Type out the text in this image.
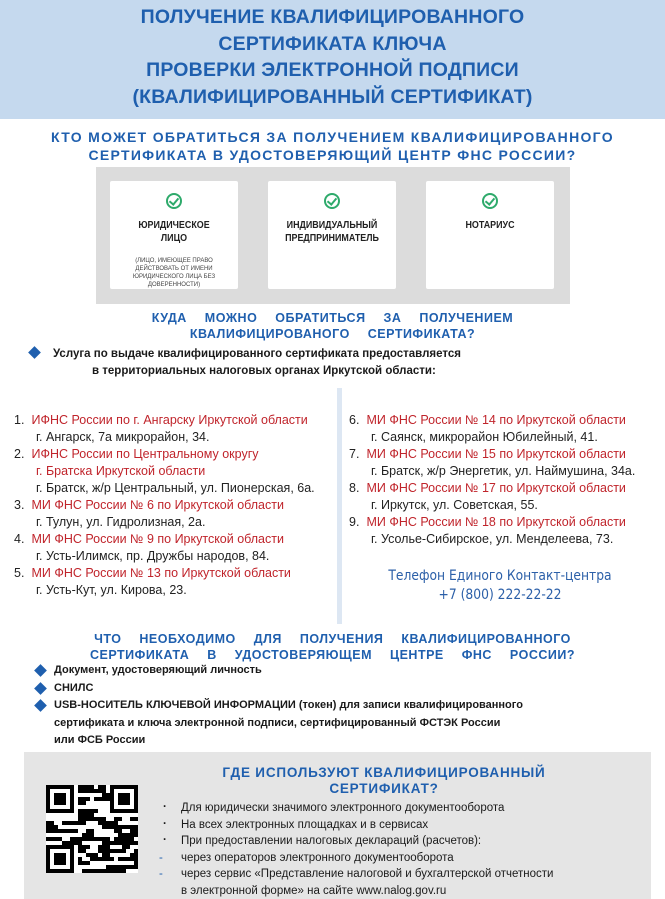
ПОЛУЧЕНИЕ КВАЛИФИЦИРОВАННОГО
СЕРТИФИКАТА КЛЮЧА
ПРОВЕРКИ ЭЛЕКТРОННОЙ ПОДПИСИ
(КВАЛИФИЦИРОВАННЫЙ СЕРТИФИКАТ)
КТО МОЖЕТ ОБРАТИТЬСЯ ЗА ПОЛУЧЕНИЕМ КВАЛИФИЦИРОВАННОГО
СЕРТИФИКАТА В УДОСТОВЕРЯЮЩИЙ ЦЕНТР ФНС РОССИИ?
ЮРИДИЧЕСКОЕ
ЛИЦО
(ЛИЦО, ИМЕЮЩЕЕ ПРАВО ДЕЙСТВОВАТЬ ОТ ИМЕНИ ЮРИДИЧЕСКОГО ЛИЦА БЕЗ ДОВЕРЕННОСТИ)
ИНДИВИДУАЛЬНЫЙ
ПРЕДПРИНИМАТЕЛЬ
НОТАРИУС
КУДА МОЖНО ОБРАТИТЬСЯ ЗА ПОЛУЧЕНИЕМ
КВАЛИФИЦИРОВАНОГО СЕРТИФИКАТА?
Услуга по выдаче квалифицированного сертификата предоставляется
в территориальных налоговых органах Иркутской области:
1. ИФНС России по г. Ангарску Иркутской области
г. Ангарск, 7а микрорайон, 34.
2. ИФНС России по Центральному округу
г. Братска Иркутской области
г. Братск, ж/р Центральный, ул. Пионерская, 6а.
3. МИ ФНС России № 6 по Иркутской области
г. Тулун, ул. Гидролизная, 2а.
4. МИ ФНС России № 9 по Иркутской области
г. Усть-Илимск, пр. Дружбы народов, 84.
5. МИ ФНС России № 13 по Иркутской области
г. Усть-Кут, ул. Кирова, 23.
6. МИ ФНС России № 14 по Иркутской области
г. Саянск, микрорайон Юбилейный, 41.
7. МИ ФНС России № 15 по Иркутской области
г. Братск, ж/р Энергетик, ул. Наймушина, 34а.
8. МИ ФНС России № 17 по Иркутской области
г. Иркутск, ул. Советская, 55.
9. МИ ФНС России № 18 по Иркутской области
г. Усолье-Сибирское, ул. Менделеева, 73.
Телефон Единого Контакт-центра
+7 (800) 222-22-22
ЧТО НЕОБХОДИМО ДЛЯ ПОЛУЧЕНИЯ КВАЛИФИЦИРОВАННОГО
СЕРТИФИКАТА В УДОСТОВЕРЯЮЩЕМ ЦЕНТРЕ ФНС РОССИИ?
Документ, удостоверяющий личность
СНИЛС
USB-НОСИТЕЛЬ КЛЮЧЕВОЙ ИНФОРМАЦИИ (токен) для записи квалифицированного
сертификата и ключа электронной подписи, сертифицированный ФСТЭК России
или ФСБ России
ГДЕ ИСПОЛЬЗУЮТ КВАЛИФИЦИРОВАННЫЙ
СЕРТИФИКАТ?
· Для юридически значимого электронного документооборота
· На всех электронных площадках и в сервисах
· При предоставлении налоговых деклараций (расчетов):
- через операторов электронного документооборота
- через сервис «Представление налоговой и бухгалтерской отчетности
в электронной форме» на сайте www.nalog.gov.ru
